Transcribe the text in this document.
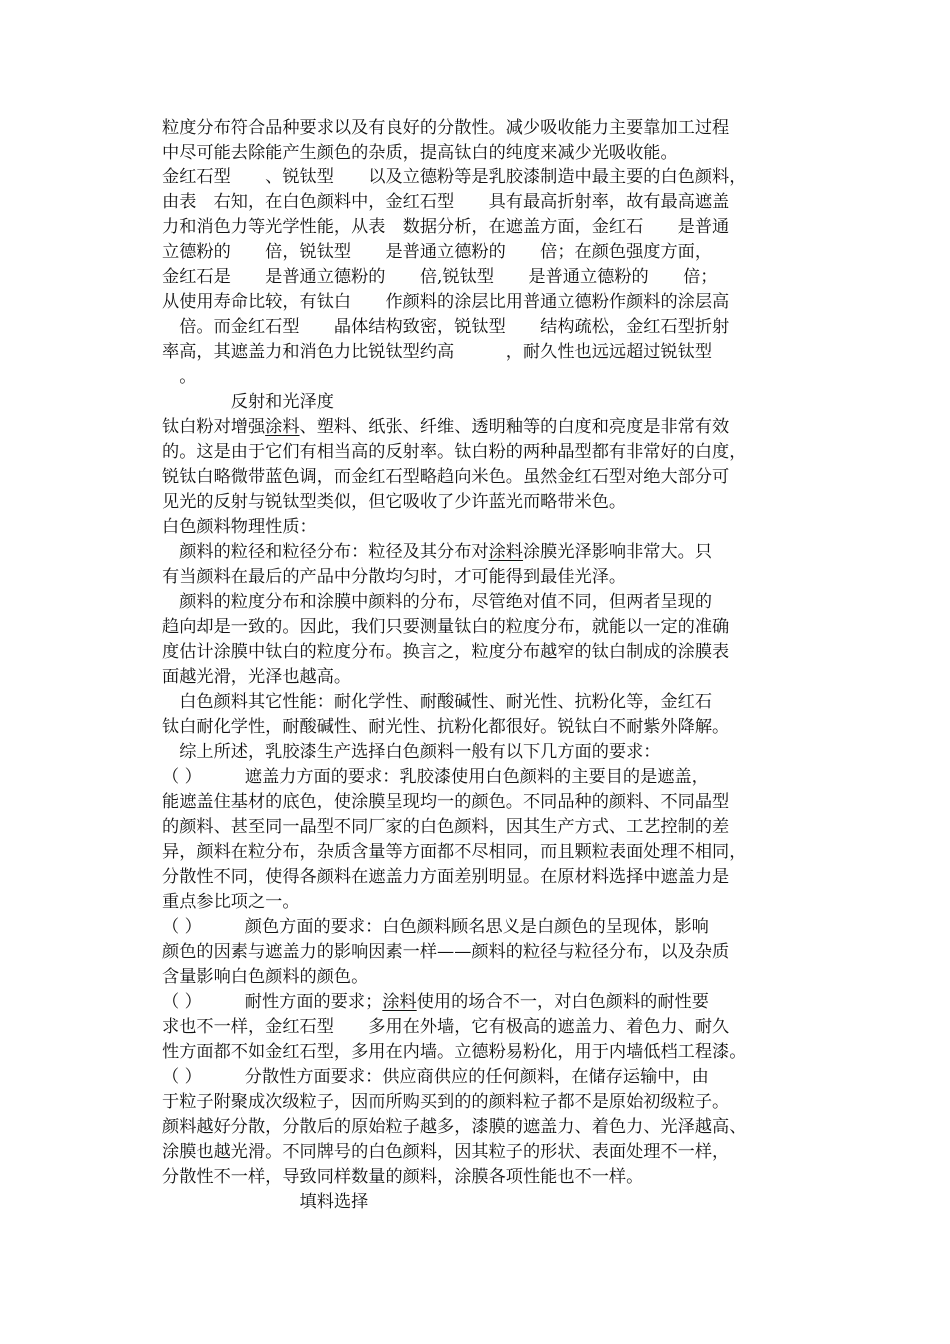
粒度分布符合品种要求以及有良好的分散性。减少吸收能力主要靠加工过程

中尽可能去除能产生颜色的杂质，提高钛白的纯度来减少光吸收能。

金红石型　　、锐钛型　　以及立德粉等是乳胶漆制造中最主要的白色颜料，

由表　右知，在白色颜料中，金红石型　　具有最高折射率，故有最高遮盖

力和消色力等光学性能，从表　数据分析，在遮盖方面，金红石　　是普通

立德粉的　　倍，锐钛型　　是普通立德粉的　　倍；在颜色强度方面，

金红石是　　是普通立德粉的　　倍,锐钛型　　是普通立德粉的　　倍；

从使用寿命比较，有钛白　　作颜料的涂层比用普通立德粉作颜料的涂层高

　倍。而金红石型　　晶体结构致密，锐钛型　　结构疏松，金红石型折射

率高，其遮盖力和消色力比锐钛型约高　　　，耐久性也远远超过锐钛型

　。

　　　　反射和光泽度

钛白粉对增强涂料、塑料、纸张、纤维、透明釉等的白度和亮度是非常有效

的。这是由于它们有相当高的反射率。钛白粉的两种晶型都有非常好的白度，

锐钛白略微带蓝色调，而金红石型略趋向米色。虽然金红石型对绝大部分可

见光的反射与锐钛型类似，但它吸收了少许蓝光而略带米色。

白色颜料物理性质：

　颜料的粒径和粒径分布：粒径及其分布对涂料涂膜光泽影响非常大。只

有当颜料在最后的产品中分散均匀时，才可能得到最佳光泽。

　颜料的粒度分布和涂膜中颜料的分布，尽管绝对值不同，但两者呈现的

趋向却是一致的。因此，我们只要测量钛白的粒度分布，就能以一定的准确

度估计涂膜中钛白的粒度分布。换言之，粒度分布越窄的钛白制成的涂膜表

面越光滑，光泽也越高。

　白色颜料其它性能：耐化学性、耐酸碱性、耐光性、抗粉化等，金红石

钛白耐化学性，耐酸碱性、耐光性、抗粉化都很好。锐钛白不耐紫外降解。

　综上所述，乳胶漆生产选择白色颜料一般有以下几方面的要求：

（ ）　　　遮盖力方面的要求：乳胶漆使用白色颜料的主要目的是遮盖，

能遮盖住基材的底色，使涂膜呈现均一的颜色。不同品种的颜料、不同晶型

的颜料、甚至同一晶型不同厂家的白色颜料，因其生产方式、工艺控制的差

异，颜料在粒分布，杂质含量等方面都不尽相同，而且颗粒表面处理不相同，

分散性不同，使得各颜料在遮盖力方面差别明显。在原材料选择中遮盖力是

重点参比项之一。

（ ）　　　颜色方面的要求：白色颜料顾名思义是白颜色的呈现体，影响

颜色的因素与遮盖力的影响因素一样——颜料的粒径与粒径分布，以及杂质

含量影响白色颜料的颜色。

（ ）　　　耐性方面的要求；涂料使用的场合不一，对白色颜料的耐性要

求也不一样，金红石型　　多用在外墙，它有极高的遮盖力、着色力、耐久

性方面都不如金红石型，多用在内墙。立德粉易粉化，用于内墙低档工程漆。

（ ）　　　分散性方面要求：供应商供应的任何颜料，在储存运输中，由

于粒子附聚成次级粒子，因而所购买到的的颜料粒子都不是原始初级粒子。

颜料越好分散，分散后的原始粒子越多，漆膜的遮盖力、着色力、光泽越高、

涂膜也越光滑。不同牌号的白色颜料，因其粒子的形状、表面处理不一样，

分散性不一样，导致同样数量的颜料，涂膜各项性能也不一样。

　　　　　　　　填料选择
